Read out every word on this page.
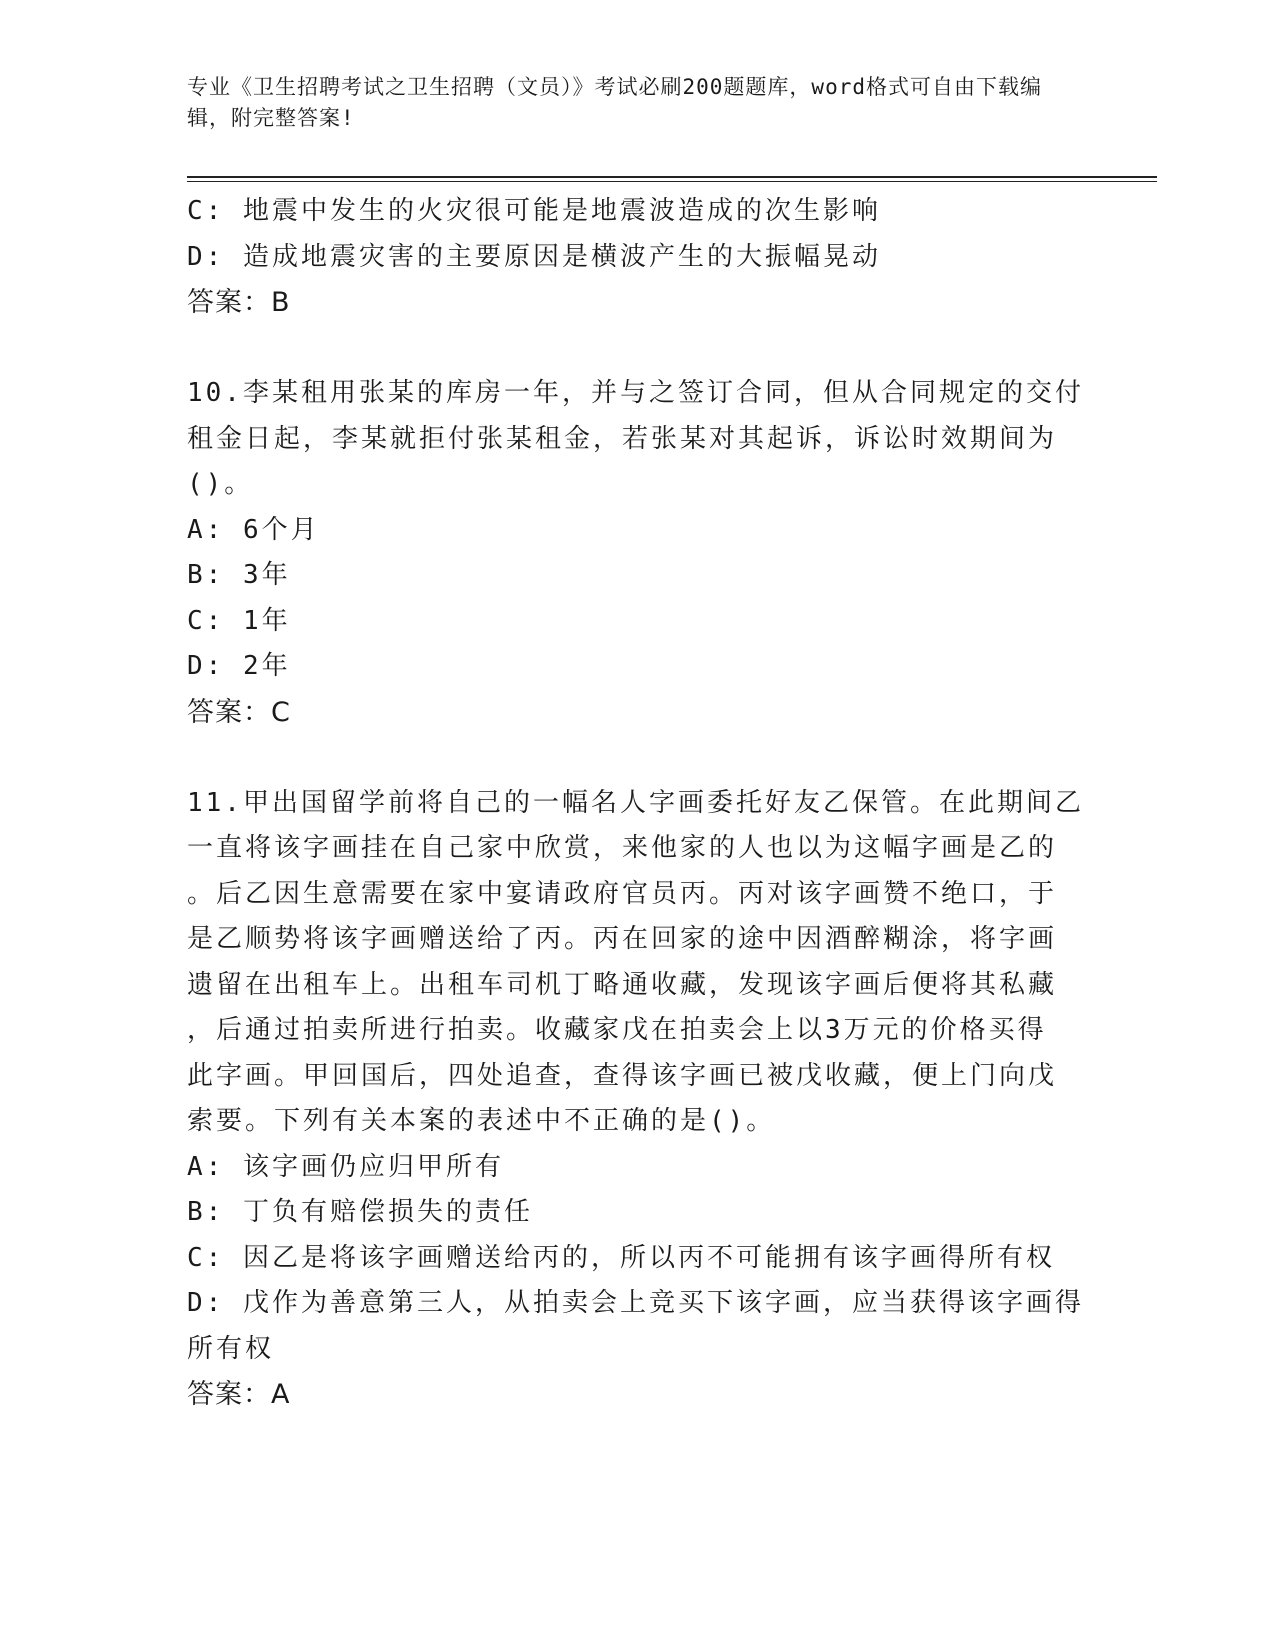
专业《卫生招聘考试之卫生招聘（文员）》考试必刷200题题库，word格式可自由下载编辑，附完整答案!

C: 地震中发生的火灾很可能是地震波造成的次生影响

D: 造成地震灾害的主要原因是横波产生的大振幅晃动

答案：B

10.李某租用张某的库房一年，并与之签订合同，但从合同规定的交付

租金日起，李某就拒付张某租金，若张某对其起诉，诉讼时效期间为

()。

A: 6个月

B: 3年

C: 1年

D: 2年

答案：C

11.甲出国留学前将自己的一幅名人字画委托好友乙保管。在此期间乙

一直将该字画挂在自己家中欣赏，来他家的人也以为这幅字画是乙的

。后乙因生意需要在家中宴请政府官员丙。丙对该字画赞不绝口，于

是乙顺势将该字画赠送给了丙。丙在回家的途中因酒醉糊涂，将字画

遗留在出租车上。出租车司机丁略通收藏，发现该字画后便将其私藏

，后通过拍卖所进行拍卖。收藏家戊在拍卖会上以3万元的价格买得

此字画。甲回国后，四处追查，查得该字画已被戊收藏，便上门向戊

索要。下列有关本案的表述中不正确的是()。

A: 该字画仍应归甲所有

B: 丁负有赔偿损失的责任

C: 因乙是将该字画赠送给丙的，所以丙不可能拥有该字画得所有权

D: 戊作为善意第三人，从拍卖会上竞买下该字画，应当获得该字画得

所有权

答案：A
